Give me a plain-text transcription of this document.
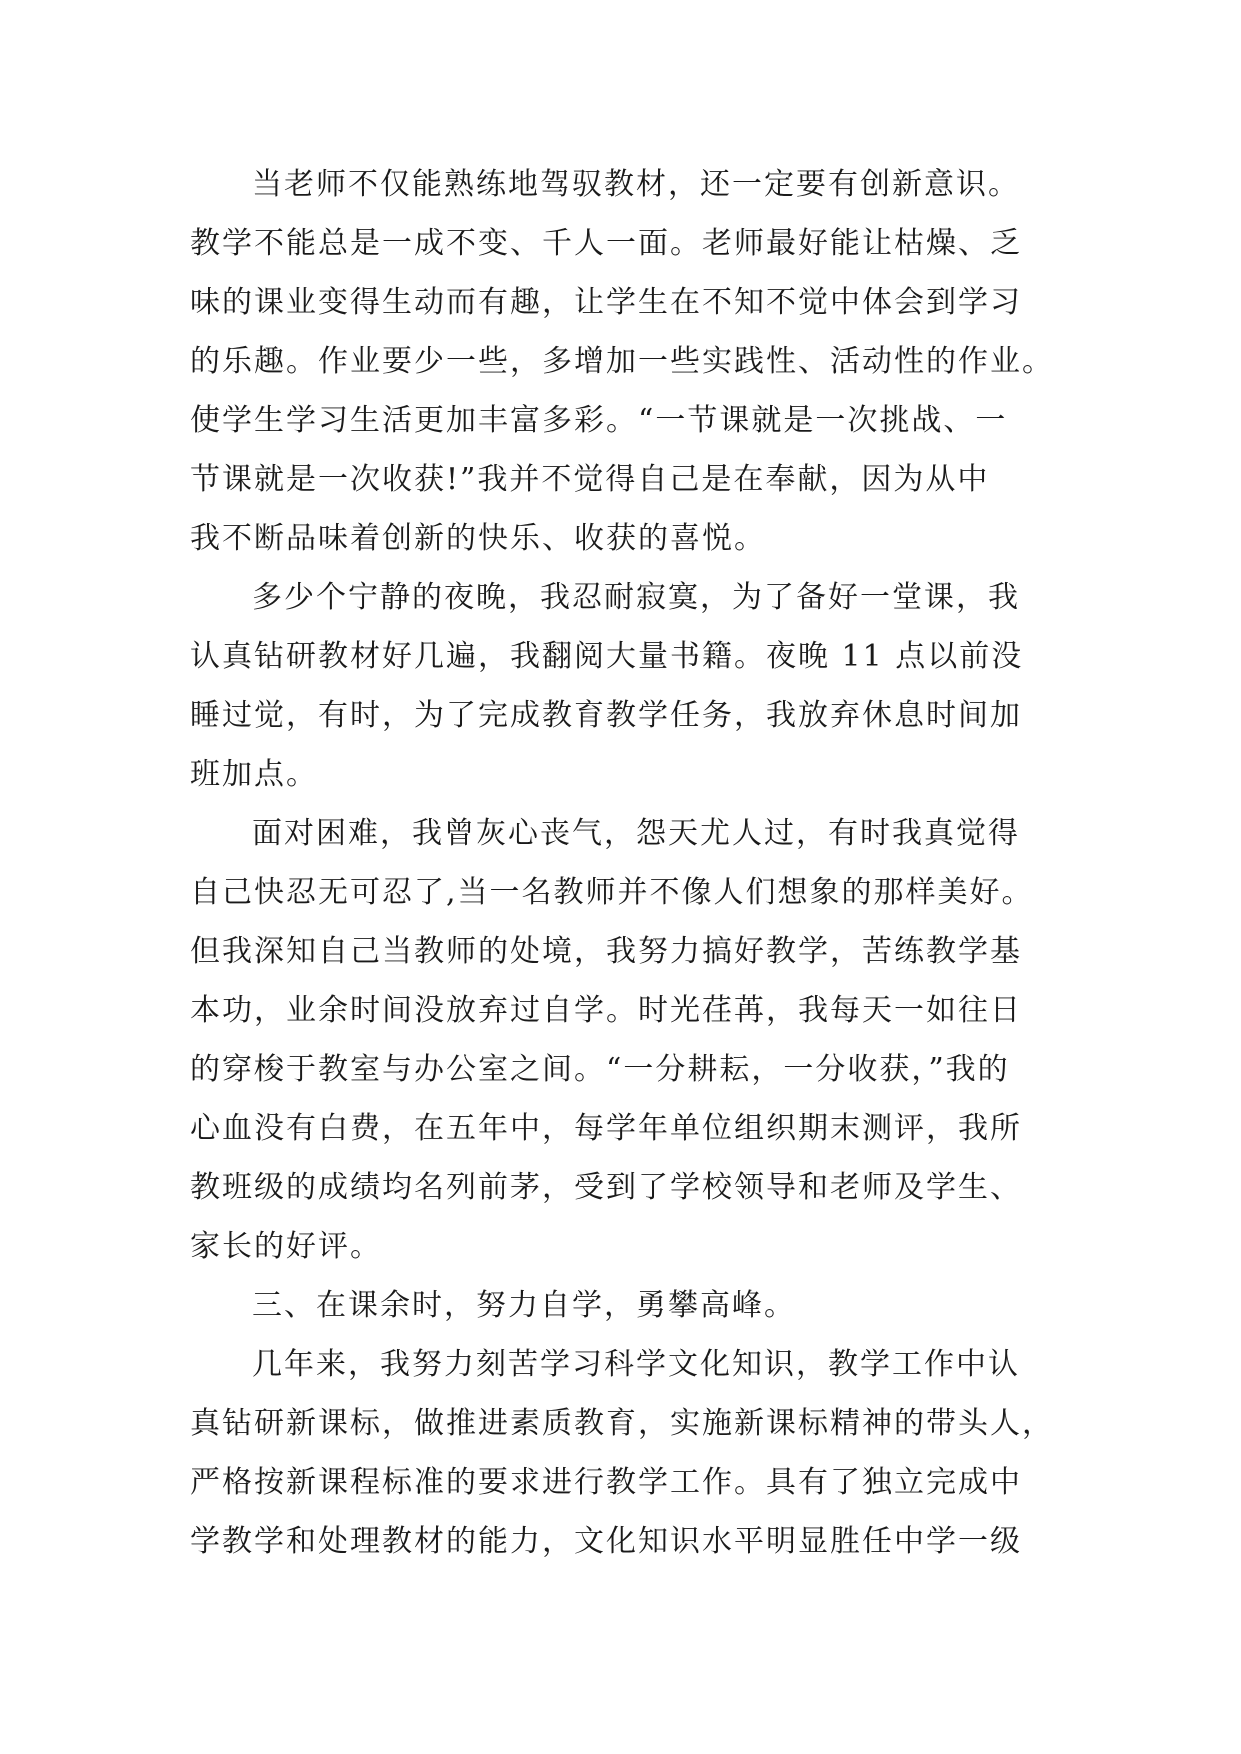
当老师不仅能熟练地驾驭教材，还一定要有创新意识。
教学不能总是一成不变、千人一面。老师最好能让枯燥、乏
味的课业变得生动而有趣，让学生在不知不觉中体会到学习
的乐趣。作业要少一些，多增加一些实践性、活动性的作业。
使学生学习生活更加丰富多彩。“一节课就是一次挑战、一
节课就是一次收获!”我并不觉得自己是在奉献，因为从中
我不断品味着创新的快乐、收获的喜悦。
多少个宁静的夜晚，我忍耐寂寞，为了备好一堂课，我
认真钻研教材好几遍，我翻阅大量书籍。夜晚 11 点以前没
睡过觉，有时，为了完成教育教学任务，我放弃休息时间加
班加点。
面对困难，我曾灰心丧气，怨天尤人过，有时我真觉得
自己快忍无可忍了,当一名教师并不像人们想象的那样美好。
但我深知自己当教师的处境，我努力搞好教学，苦练教学基
本功，业余时间没放弃过自学。时光荏苒，我每天一如往日
的穿梭于教室与办公室之间。“一分耕耘，一分收获，”我的
心血没有白费，在五年中，每学年单位组织期末测评，我所
教班级的成绩均名列前茅，受到了学校领导和老师及学生、
家长的好评。
三、在课余时，努力自学，勇攀高峰。
几年来，我努力刻苦学习科学文化知识，教学工作中认
真钻研新课标，做推进素质教育，实施新课标精神的带头人，
严格按新课程标准的要求进行教学工作。具有了独立完成中
学教学和处理教材的能力，文化知识水平明显胜任中学一级
